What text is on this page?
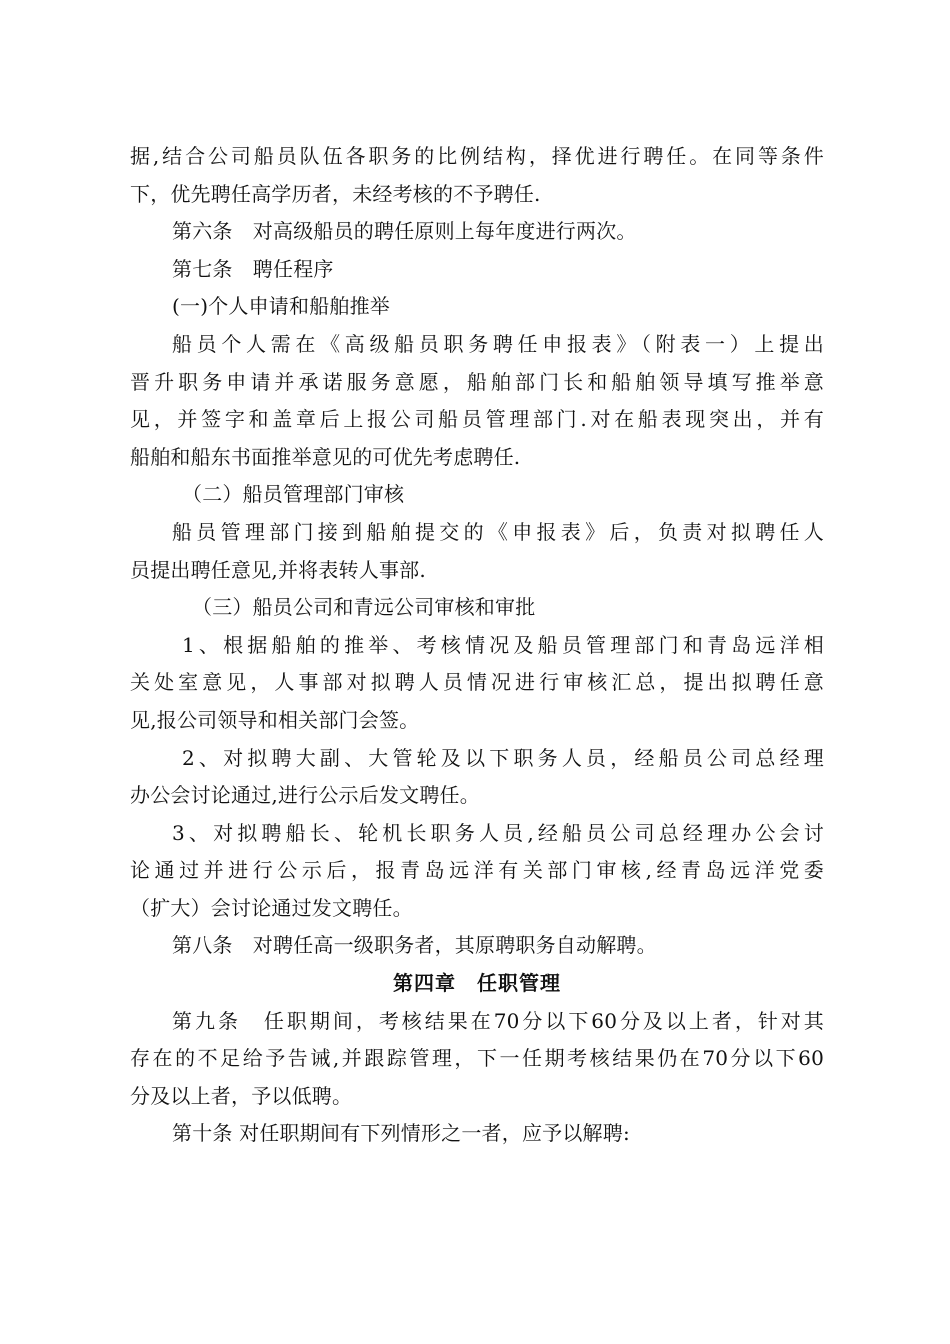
据,结合公司船员队伍各职务的比例结构，择优进行聘任。在同等条件

下，优先聘任高学历者，未经考核的不予聘任.

第六条　对高级船员的聘任原则上每年度进行两次。

第七条　聘任程序

(一)个人申请和船舶推举

船员个人需在《高级船员职务聘任申报表》（附表一）上提出

晋升职务申请并承诺服务意愿，船舶部门长和船舶领导填写推举意

见，并签字和盖章后上报公司船员管理部门.对在船表现突出，并有

船舶和船东书面推举意见的可优先考虑聘任.

（二）船员管理部门审核

船员管理部门接到船舶提交的《申报表》后，负责对拟聘任人

员提出聘任意见,并将表转人事部.

（三）船员公司和青远公司审核和审批

1、根据船舶的推举、考核情况及船员管理部门和青岛远洋相

关处室意见，人事部对拟聘人员情况进行审核汇总，提出拟聘任意

见,报公司领导和相关部门会签。

2、对拟聘大副、大管轮及以下职务人员，经船员公司总经理

办公会讨论通过,进行公示后发文聘任。

3、对拟聘船长、轮机长职务人员,经船员公司总经理办公会讨

论通过并进行公示后，报青岛远洋有关部门审核,经青岛远洋党委

（扩大）会讨论通过发文聘任。

第八条　对聘任高一级职务者，其原聘职务自动解聘。

第四章　任职管理

第九条　任职期间，考核结果在70分以下60分及以上者，针对其

存在的不足给予告诫,并跟踪管理，下一任期考核结果仍在70分以下60

分及以上者，予以低聘。

第十条 对任职期间有下列情形之一者，应予以解聘:
